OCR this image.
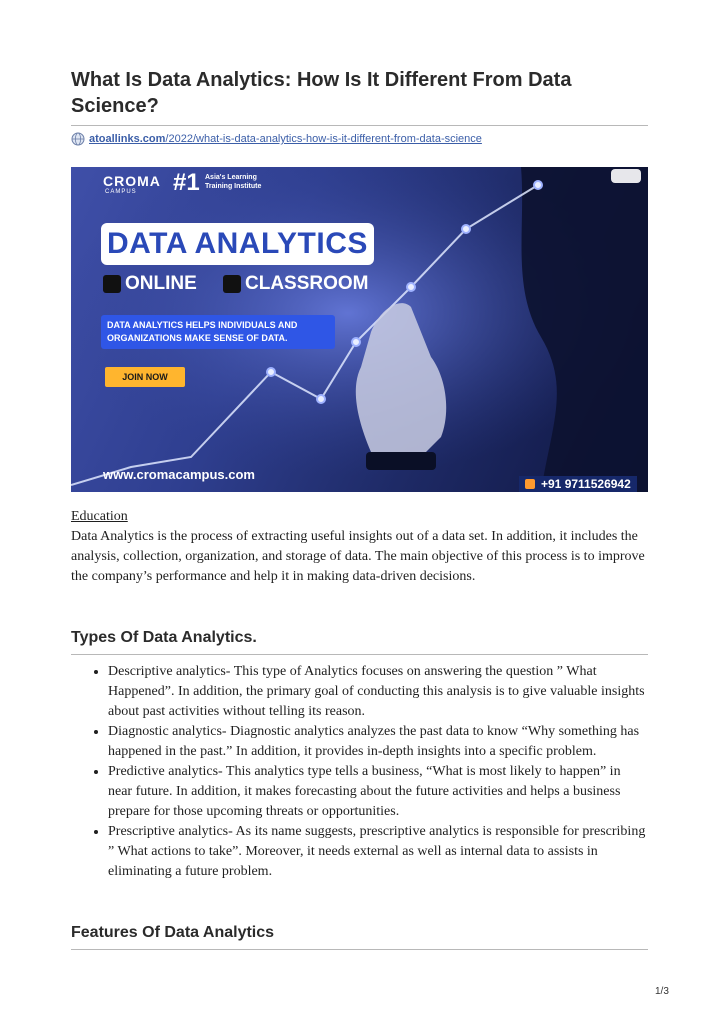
What Is Data Analytics: How Is It Different From Data Science?
atoallinks.com /2022/what-is-data-analytics-how-is-it-different-from-data-science
CROMA
CAMPUS #1 Asia's Learning Training Institute
DATA ANALYTICS
ONLINE	CLASSROOM
DATA ANALYTICS HELPS INDIVIDUALS AND ORGANIZATIONS MAKE SENSE OF DATA.
JOIN NOW
www.cromacampus.com
+91 9711526942
Education

Data Analytics is the process of extracting useful insights out of a data set. In addition, it includes the analysis, collection, organization, and storage of data. The main objective of this process is to improve the company’s performance and help it in making data-driven decisions.

Types Of Data Analytics.
• Descriptive analytics- This type of Analytics focuses on answering the question ” What Happened”. In addition, the primary goal of conducting this analysis is to give valuable insights about past activities without telling its reason.
• Diagnostic analytics- Diagnostic analytics analyzes the past data to know “Why something has happened in the past.” In addition, it provides in-depth insights into a specific problem.
• Predictive analytics- This analytics type tells a business, “What is most likely to happen” in near future. In addition, it makes forecasting about the future activities and helps a business prepare for those upcoming threats or opportunities.
• Prescriptive analytics- As its name suggests, prescriptive analytics is responsible for prescribing ” What actions to take”. Moreover, it needs external as well as internal data to assists in eliminating a future problem.
Features Of Data Analytics
1/3
